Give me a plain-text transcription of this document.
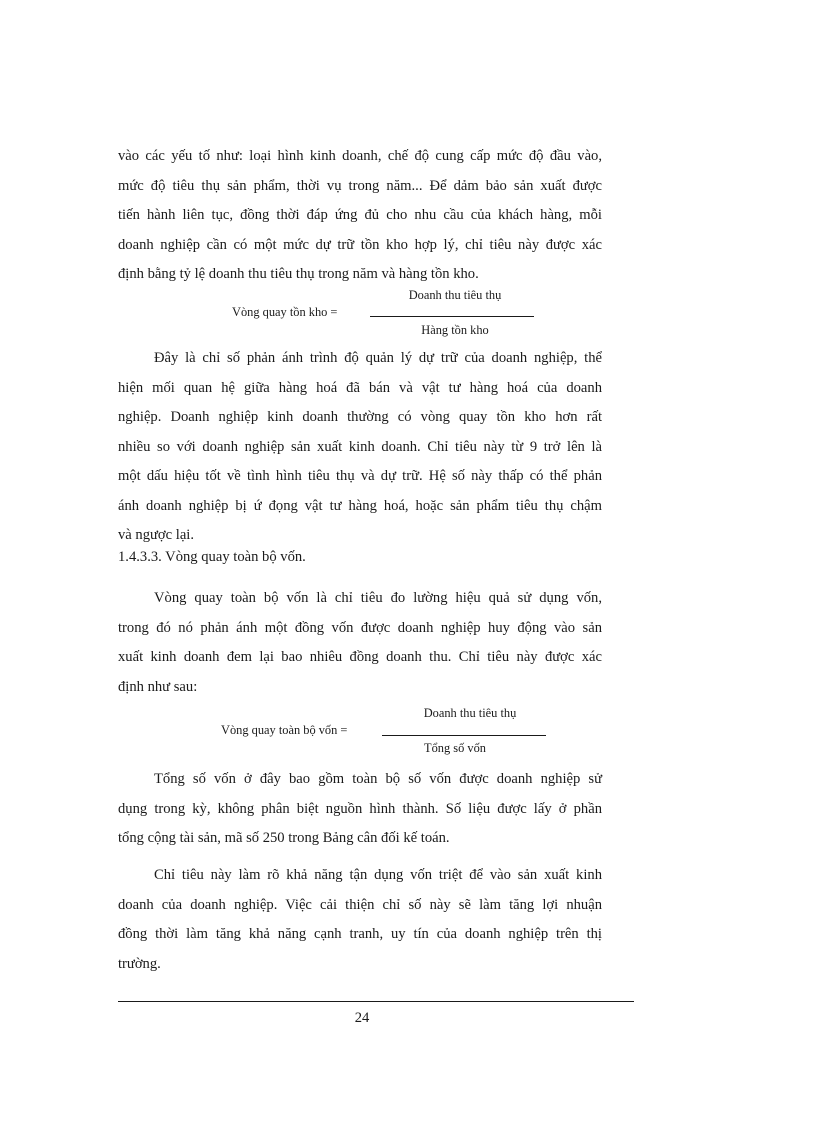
vào các yếu tố như: loại hình kinh doanh, chế độ cung cấp mức độ đầu vào,
mức độ tiêu thụ sản phẩm, thời vụ trong năm... Để dảm bảo sản xuất được
tiến hành liên tục, đồng thời đáp ứng đủ cho nhu cầu của khách hàng, mỗi
doanh nghiệp cần có một mức dự trữ tồn kho hợp lý, chỉ tiêu này được xác
định bằng tỷ lệ doanh thu tiêu thụ trong năm và hàng tồn kho.
Vòng quay tồn kho =
Doanh thu tiêu thụ
Hàng tồn kho
Đây là chỉ số phản ánh trình độ quản lý dự trữ của doanh nghiệp, thể
hiện mối quan hệ giữa hàng hoá đã bán và vật tư hàng hoá của doanh
nghiệp. Doanh nghiệp kinh doanh thường có vòng quay tồn kho hơn rất
nhiều so với doanh nghiệp sản xuất kinh doanh. Chỉ tiêu này từ 9 trở lên là
một dấu hiệu tốt về tình hình tiêu thụ và dự trữ. Hệ số này thấp có thể phản
ánh doanh nghiệp bị ứ đọng vật tư hàng hoá, hoặc sản phẩm tiêu thụ chậm
và ngược lại.
1.4.3.3. Vòng quay toàn bộ vốn.
Vòng quay toàn bộ vốn là chỉ tiêu đo lường hiệu quả sử dụng vốn,
trong đó nó phản ánh một đồng vốn được doanh nghiệp huy động vào sản
xuất kinh doanh đem lại bao nhiêu đồng doanh thu. Chỉ tiêu này được xác
định như sau:
Vòng quay toàn bộ vốn =
Doanh thu tiêu thụ
Tổng số vốn
Tổng số vốn ở đây bao gồm toàn bộ số vốn được doanh nghiệp sử
dụng trong kỳ, không phân biệt nguồn hình thành. Số liệu được lấy ở phần
tổng cộng tài sản, mã số 250 trong Bảng cân đối kế toán.
Chỉ tiêu này làm rõ khả năng tận dụng vốn triệt để vào sản xuất kinh
doanh của doanh nghiệp. Việc cải thiện chỉ số này sẽ làm tăng lợi nhuận
đồng thời làm tăng khả năng cạnh tranh, uy tín của doanh nghiệp trên thị
trường.
24
